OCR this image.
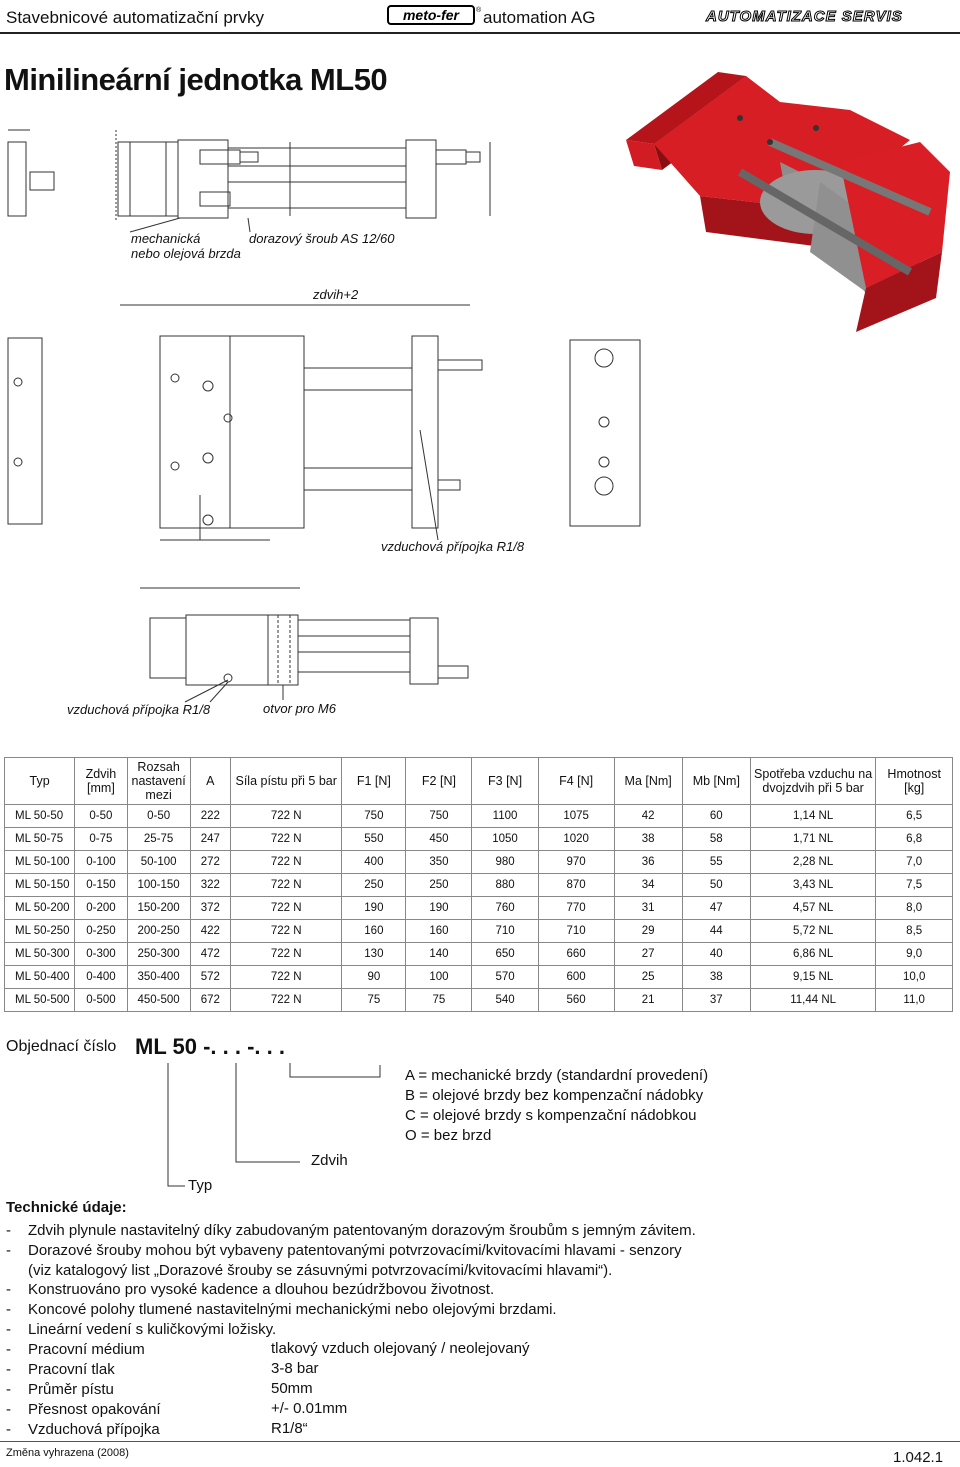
Stavebnicové automatizační prvky	meto-fer ® automation AG	AUTOMATIZACE SERVIS
Minilineární jednotka ML50
mechanická
nebo olejová brzda
dorazový šroub AS 12/60
zdvih+2
vzduchová přípojka R1/8
vzduchová přípojka R1/8	otvor pro M6
Typ	Zdvih [mm]	Rozsah nastavení mezi	A	Síla pístu při 5 bar	F1 [N]	F2 [N]	F3 [N]	F4 [N]	Ma [Nm]	Mb [Nm]	Spotřeba vzduchu na dvojzdvih při 5 bar	Hmotnost [kg]
ML 50-50	0-50	0-50	222	722 N	750	750	1100	1075	42	60	1,14 NL	6,5
ML 50-75	0-75	25-75	247	722 N	550	450	1050	1020	38	58	1,71 NL	6,8
ML 50-100	0-100	50-100	272	722 N	400	350	980	970	36	55	2,28 NL	7,0
ML 50-150	0-150	100-150	322	722 N	250	250	880	870	34	50	3,43 NL	7,5
ML 50-200	0-200	150-200	372	722 N	190	190	760	770	31	47	4,57 NL	8,0
ML 50-250	0-250	200-250	422	722 N	160	160	710	710	29	44	5,72 NL	8,5
ML 50-300	0-300	250-300	472	722 N	130	140	650	660	27	40	6,86 NL	9,0
ML 50-400	0-400	350-400	572	722 N	90	100	570	600	25	38	9,15 NL	10,0
ML 50-500	0-500	450-500	672	722 N	75	75	540	560	21	37	11,44 NL	11,0
Objednací číslo ML 50 -. . . -. . .
A = mechanické brzdy (standardní provedení)
B = olejové brzdy bez kompenzační nádobky
C = olejové brzdy s kompenzační nádobkou
O = bez brzd
Zdvih
Typ
Technické údaje:
- Zdvih plynule nastavitelný díky zabudovaným patentovaným dorazovým šroubům s jemným závitem.
- Dorazové šrouby mohou být vybaveny patentovanými potvrzovacími/kvitovacími hlavami - senzory
(viz katalogový list „Dorazové šrouby se zásuvnými potvrzovacími/kvitovacími hlavami“).
- Konstruováno pro vysoké kadence a dlouhou bezúdržbovou životnost.
- Koncové polohy tlumené nastavitelnými mechanickými nebo olejovými brzdami.
- Lineární vedení s kuličkovými ložisky.
- Pracovní médium	tlakový vzduch olejovaný / neolejovaný
- Pracovní tlak	3-8 bar
- Průměr pístu	50mm
- Přesnost opakování	+/- 0.01mm
- Vzduchová přípojka	R1/8“
Změna vyhrazena (2008)	1.042.1
